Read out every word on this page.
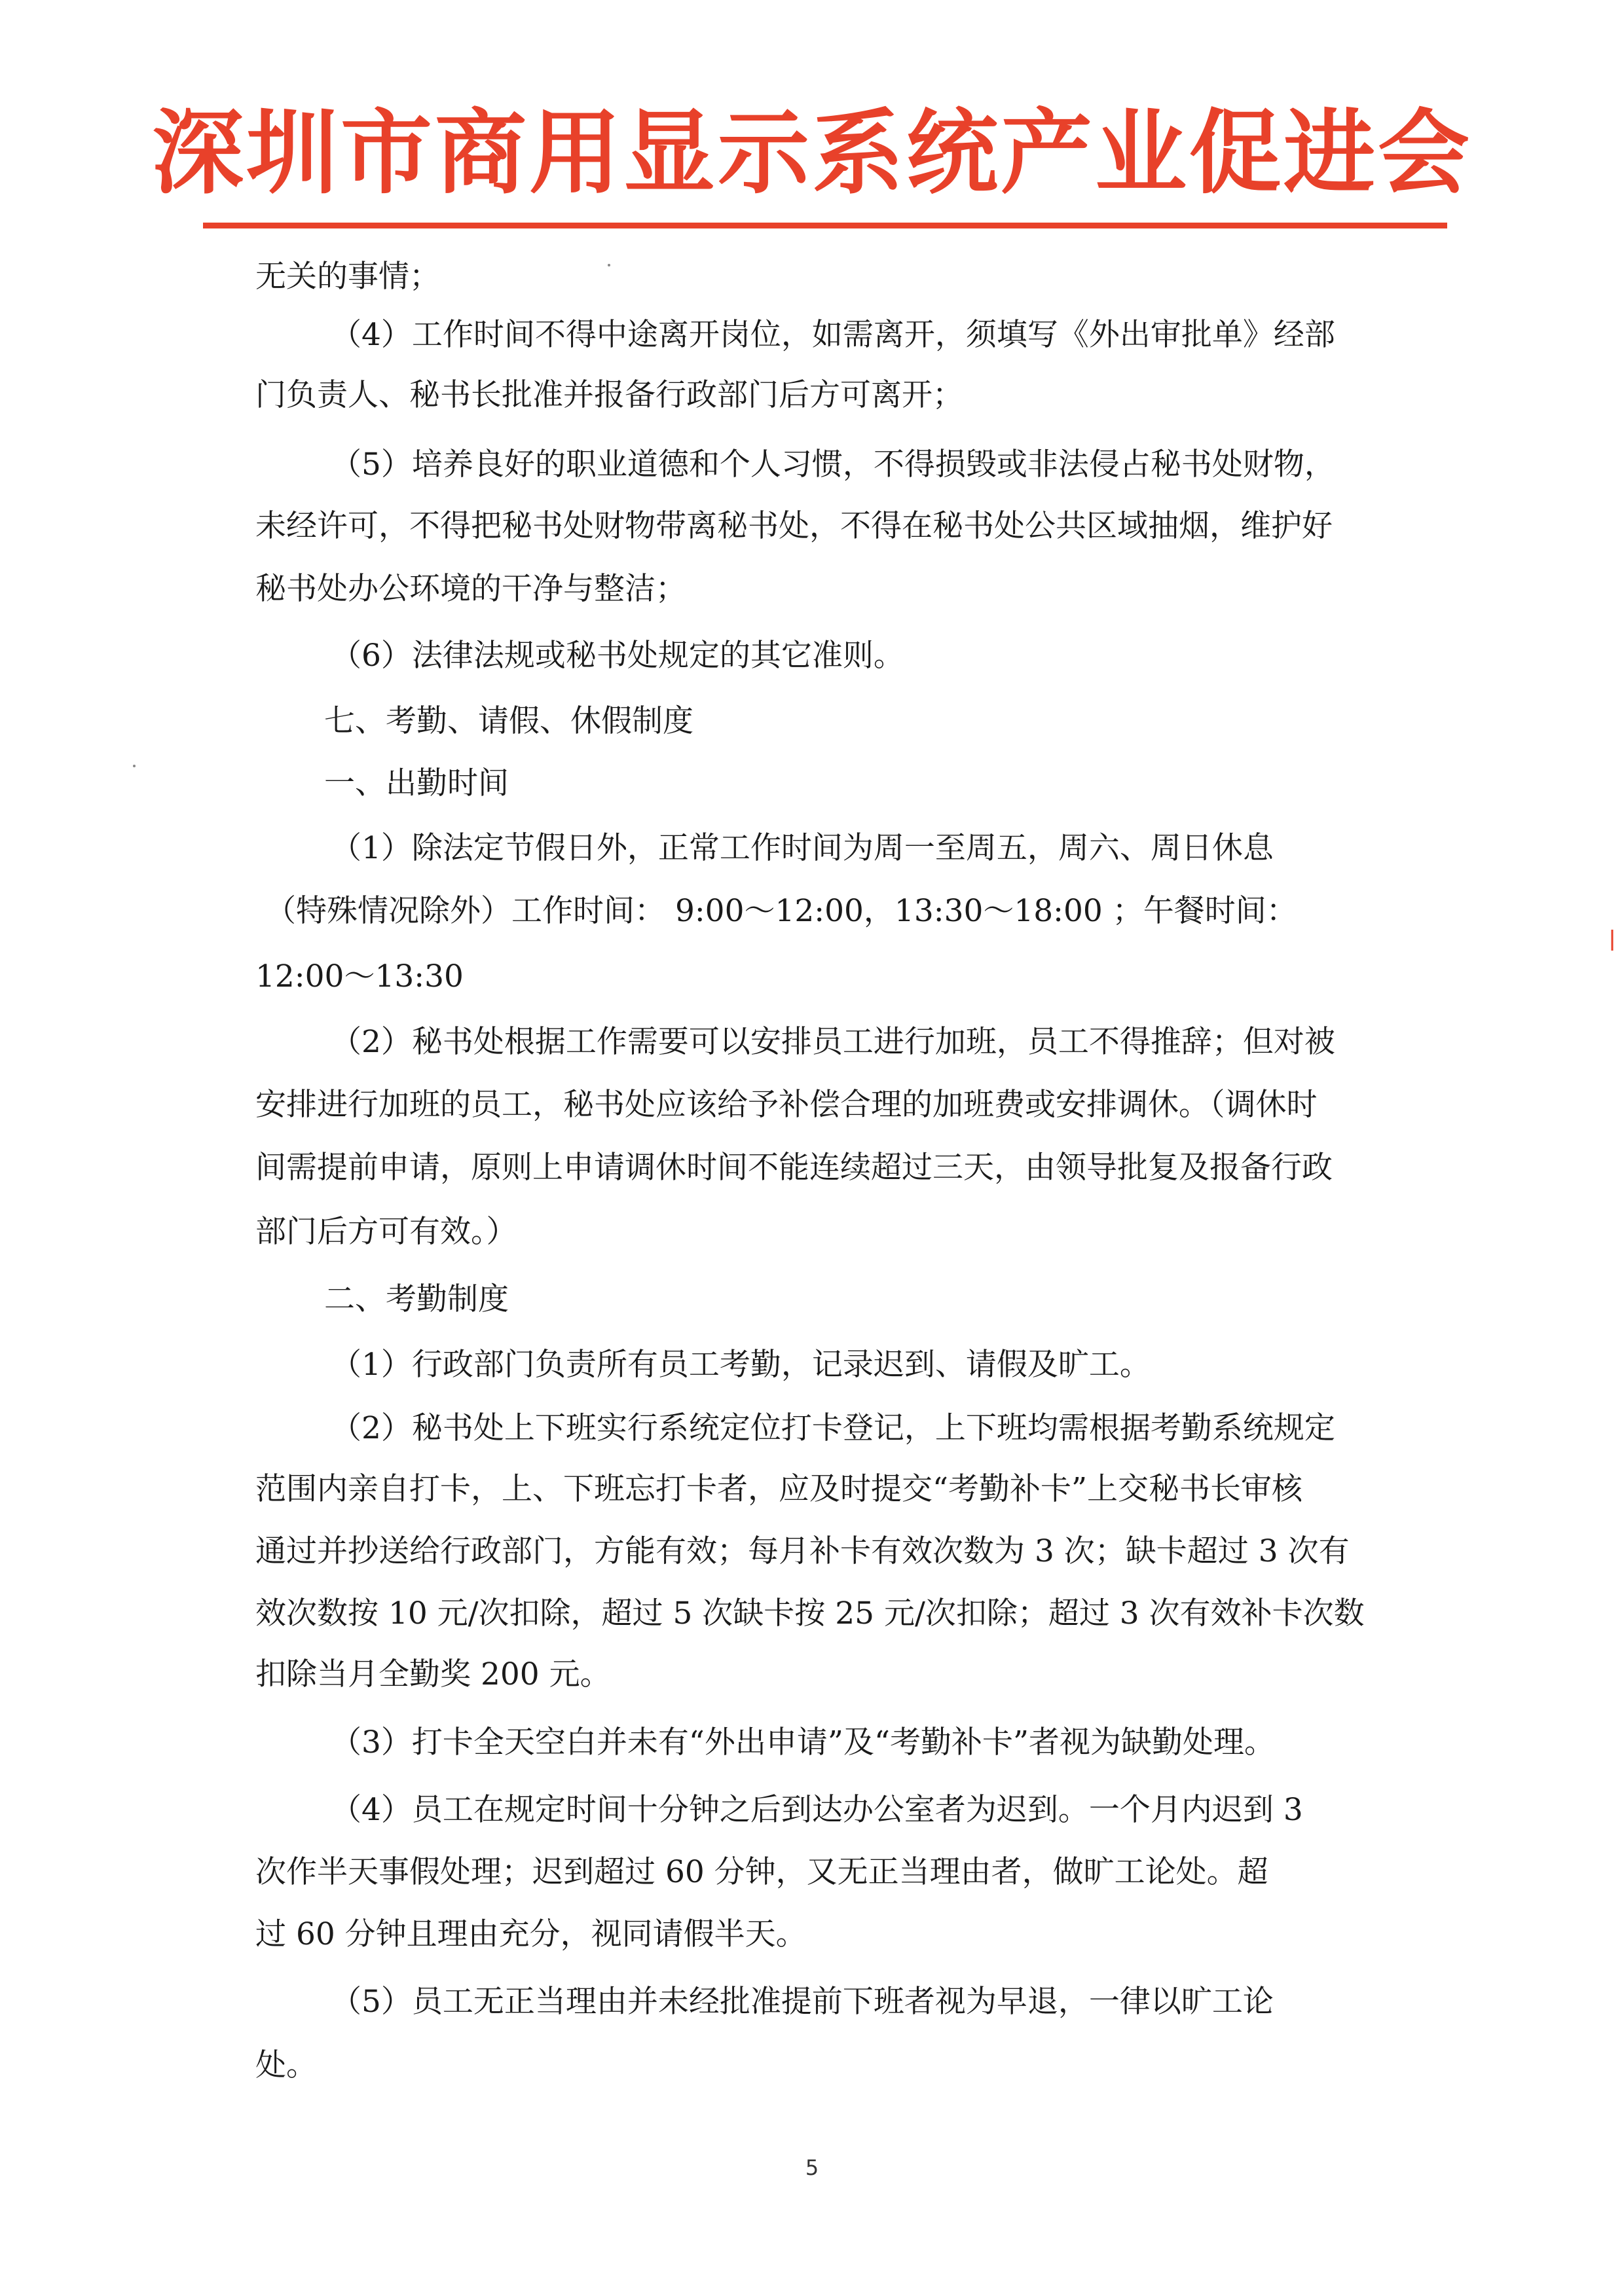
深圳市商用显示系统产业促进会
无关的事情；
（4）工作时间不得中途离开岗位，如需离开，须填写《外出审批单》经部
门负责人、秘书长批准并报备行政部门后方可离开；
（5）培养良好的职业道德和个人习惯，不得损毁或非法侵占秘书处财物，
未经许可，不得把秘书处财物带离秘书处，不得在秘书处公共区域抽烟，维护好
秘书处办公环境的干净与整洁；
（6）法律法规或秘书处规定的其它准则。
七、考勤、请假、休假制度
一、出勤时间
（1）除法定节假日外，正常工作时间为周一至周五，周六、周日休息
（特殊情况除外）工作时间： 9:00～12:00，13:30～18:00 ；午餐时间：
12:00～13:30
（2）秘书处根据工作需要可以安排员工进行加班，员工不得推辞；但对被
安排进行加班的员工，秘书处应该给予补偿合理的加班费或安排调休。（调休时
间需提前申请，原则上申请调休时间不能连续超过三天，由领导批复及报备行政
部门后方可有效。）
二、考勤制度
（1）行政部门负责所有员工考勤，记录迟到、请假及旷工。
（2）秘书处上下班实行系统定位打卡登记，上下班均需根据考勤系统规定
范围内亲自打卡，上、下班忘打卡者，应及时提交“考勤补卡”上交秘书长审核
通过并抄送给行政部门，方能有效；每月补卡有效次数为 3 次；缺卡超过 3 次有
效次数按 10 元/次扣除，超过 5 次缺卡按 25 元/次扣除；超过 3 次有效补卡次数
扣除当月全勤奖 200 元。
（3）打卡全天空白并未有“外出申请”及“考勤补卡”者视为缺勤处理。
（4）员工在规定时间十分钟之后到达办公室者为迟到。一个月内迟到 3
次作半天事假处理；迟到超过 60 分钟，又无正当理由者，做旷工论处。超
过 60 分钟且理由充分，视同请假半天。
（5）员工无正当理由并未经批准提前下班者视为早退，一律以旷工论
处。
5
